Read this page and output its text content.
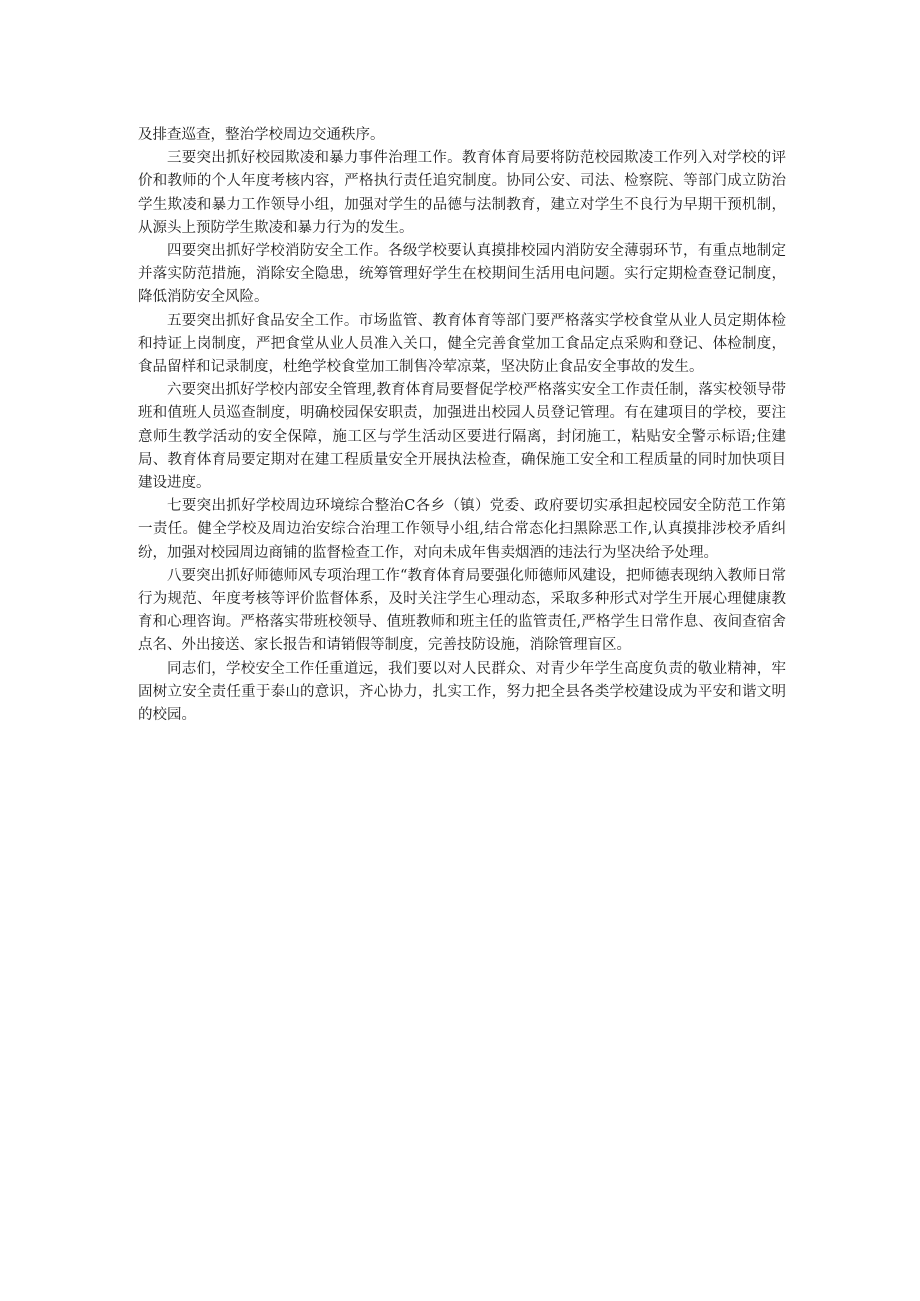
及排查巡查，整治学校周边交通秩序。

三要突出抓好校园欺凌和暴力事件治理工作。教育体育局要将防范校园欺凌工作列入对学校的评价和教师的个人年度考核内容，严格执行责任追究制度。协同公安、司法、检察院、等部门成立防治学生欺凌和暴力工作领导小组，加强对学生的品德与法制教育，建立对学生不良行为早期干预机制，从源头上预防学生欺凌和暴力行为的发生。

四要突出抓好学校消防安全工作。各级学校要认真摸排校园内消防安全薄弱环节，有重点地制定并落实防范措施，消除安全隐患，统筹管理好学生在校期间生活用电问题。实行定期检查登记制度，降低消防安全风险。

五要突出抓好食品安全工作。市场监管、教育体育等部门要严格落实学校食堂从业人员定期体检和持证上岗制度，严把食堂从业人员准入关口，健全完善食堂加工食品定点采购和登记、体检制度，食品留样和记录制度，杜绝学校食堂加工制售冷荤凉菜，坚决防止食品安全事故的发生。

六要突出抓好学校内部安全管理,教育体育局要督促学校严格落实安全工作责任制，落实校领导带班和值班人员巡查制度，明确校园保安职责，加强进出校园人员登记管理。有在建项目的学校，要注意师生教学活动的安全保障，施工区与学生活动区要进行隔离，封闭施工，粘贴安全警示标语;住建局、教育体育局要定期对在建工程质量安全开展执法检查，确保施工安全和工程质量的同时加快项目建设进度。

七要突出抓好学校周边环境综合整治C各乡（镇）党委、政府要切实承担起校园安全防范工作第一责任。健全学校及周边治安综合治理工作领导小组,结合常态化扫黑除恶工作,认真摸排涉校矛盾纠纷，加强对校园周边商铺的监督检查工作，对向未成年售卖烟酒的违法行为坚决给予处理。

八要突出抓好师德师风专项治理工作“教育体育局要强化师德师风建设，把师德表现纳入教师日常行为规范、年度考核等评价监督体系，及时关注学生心理动态，采取多种形式对学生开展心理健康教育和心理咨询。严格落实带班校领导、值班教师和班主任的监管责任,严格学生日常作息、夜间查宿舍点名、外出接送、家长报告和请销假等制度，完善技防设施，消除管理盲区。

同志们，学校安全工作任重道远，我们要以对人民群众、对青少年学生高度负责的敬业精神，牢固树立安全责任重于泰山的意识，齐心协力，扎实工作，努力把全县各类学校建设成为平安和谐文明的校园。
